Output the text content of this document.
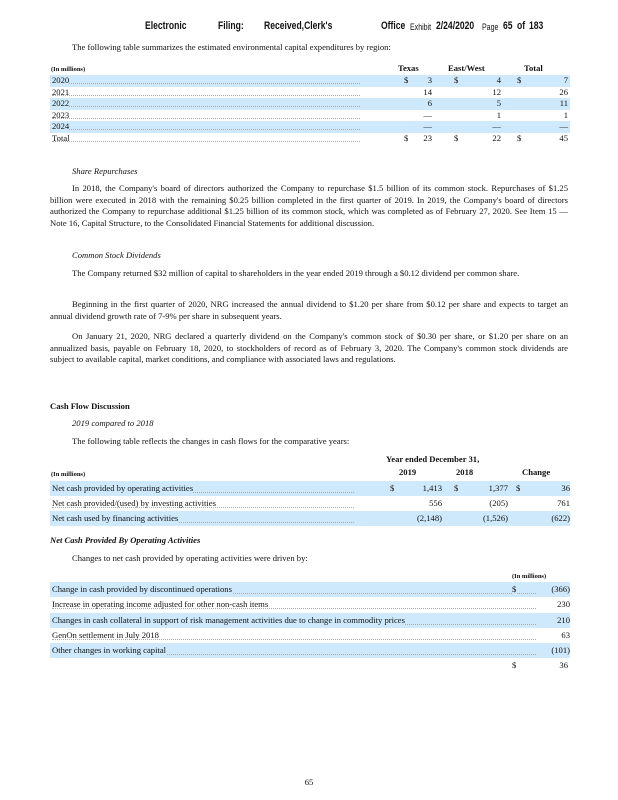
Electronic	Filing: Received,Clerk's	Office Exhibit 2/24/2020 Page 65 of 183
The following table summarizes the estimated environmental capital expenditures by region:
(In millions)	Texas	East/West	Total
2020	$ 3	$	4 $	7
2021	14	12	26
2022	6	5	11
2023	—	1	1
2024	—	—	—
Total	$ 23	$	22 $	45
Share Repurchases
In 2018, the Company's board of directors authorized the Company to repurchase $1.5 billion of its common stock. Repurchases of $1.25 billion were executed in 2018 with the remaining $0.25 billion completed in the first quarter of 2019. In 2019, the Company's board of directors authorized the Company to repurchase additional $1.25 billion of its common stock, which was completed as of February 27, 2020. See Item 15 —Note 16, Capital Structure, to the Consolidated Financial Statements for additional discussion.
Common Stock Dividends
The Company returned $32 million of capital to shareholders in the year ended 2019 through a $0.12 dividend per common share.
Beginning in the first quarter of 2020, NRG increased the annual dividend to $1.20 per share from $0.12 per share and expects to target an annual dividend growth rate of 7-9% per share in subsequent years.
On January 21, 2020, NRG declared a quarterly dividend on the Company's common stock of $0.30 per share, or $1.20 per share on an annualized basis, payable on February 18, 2020, to stockholders of record as of February 3, 2020. The Company's common stock dividends are subject to available capital, market conditions, and compliance with associated laws and regulations.
Cash Flow Discussion
2019 compared to 2018
The following table reflects the changes in cash flows for the comparative years:
Year ended December 31,
(In millions)	2019	2018	Change
Net cash provided by operating activities	$	1,413 $	1,377 $	36
Net cash provided/(used) by investing activities	556	(205)	761
Net cash used by financing activities	(2,148)	(1,526)	(622)
Net Cash Provided By Operating Activities
Changes to net cash provided by operating activities were driven by:
(In millions)
Change in cash provided by discontinued operations	$	(366)
Increase in operating income adjusted for other non-cash items	230
Changes in cash collateral in support of risk management activities due to change in commodity prices	210
GenOn settlement in July 2018	63
Other changes in working capital	(101)
$	36
65
